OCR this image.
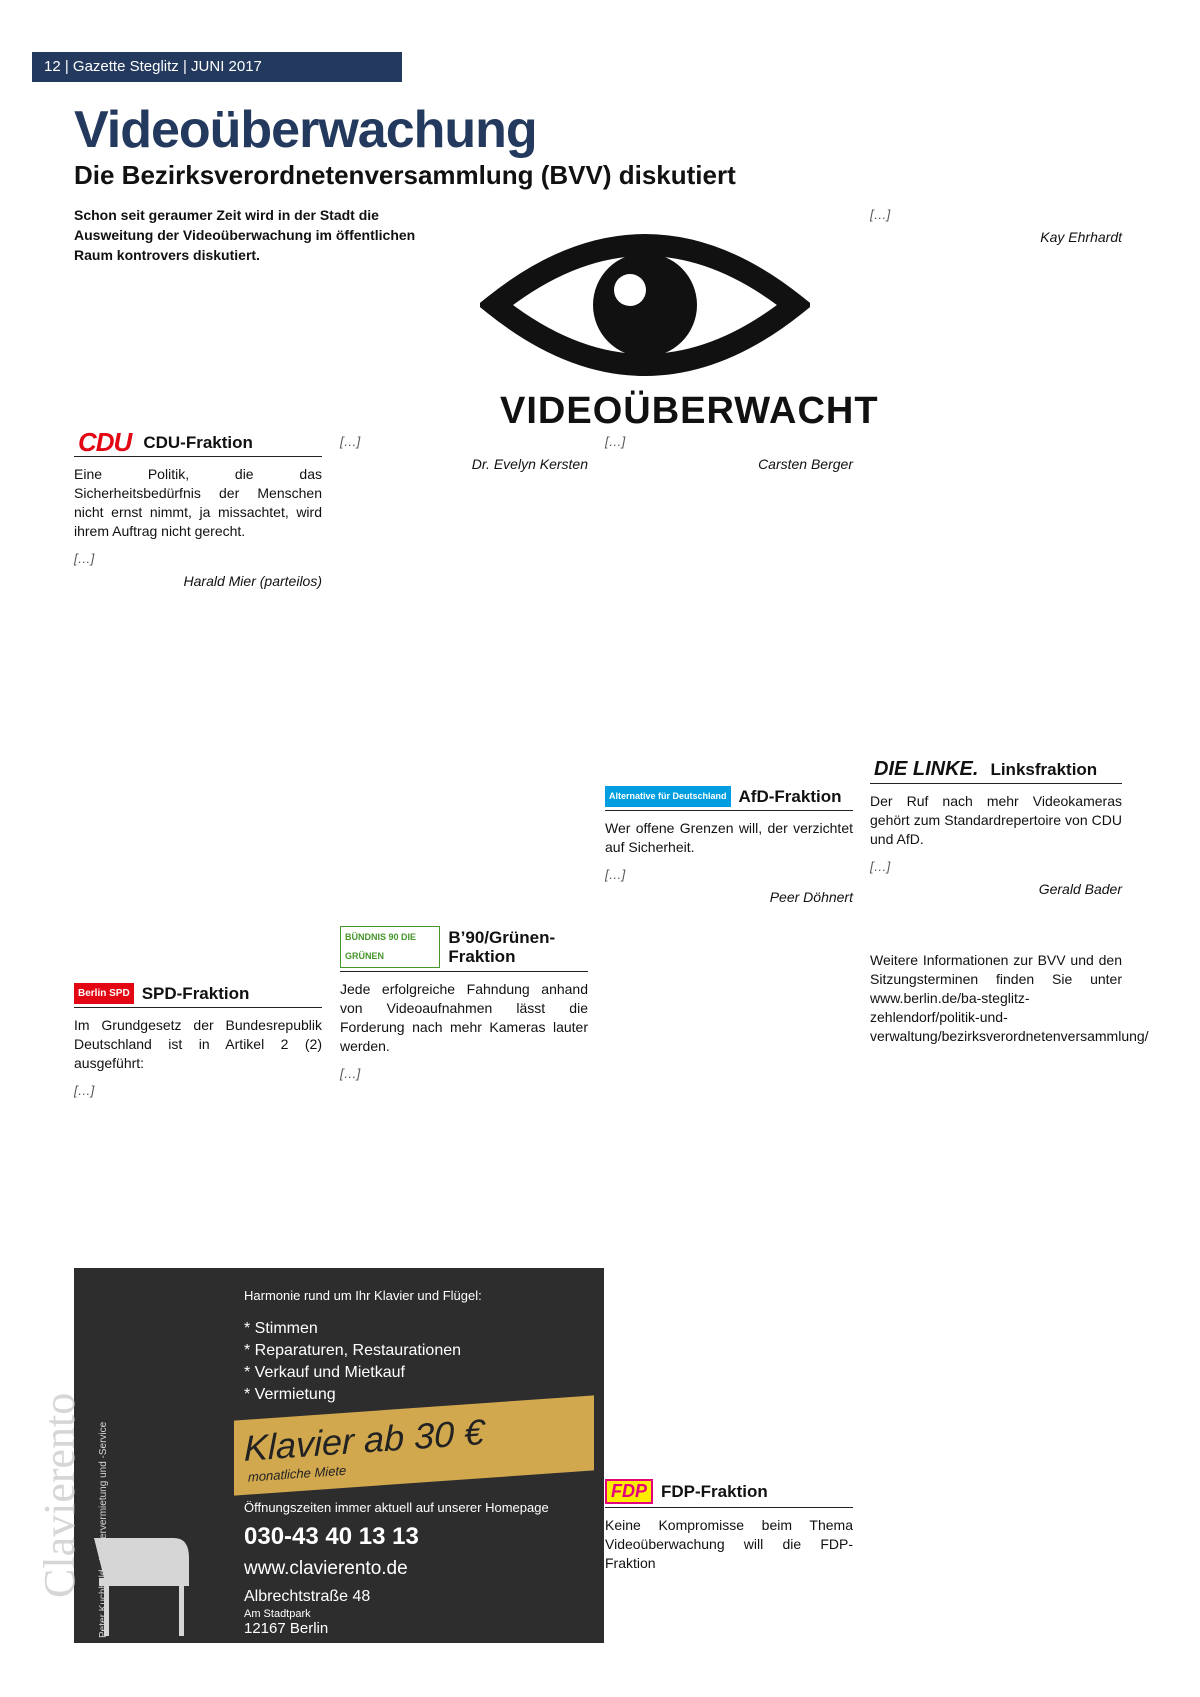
12 | Gazette Steglitz | JUNI 2017
Videoüberwachung
Die Bezirksverordnetenversammlung (BVV) diskutiert

Schon seit geraumer Zeit wird in der Stadt die Ausweitung der Videoüberwachung im öffentlichen Raum kontrovers diskutiert.

VIDEOÜBERWACHT
CDU CDU-Fraktion

Eine Politik, die das Sicherheitsbedürfnis der Menschen nicht ernst nimmt, ja missachtet, wird ihrem Auftrag nicht gerecht.

[…]
Harald Mier (parteilos)
Berlin SPD SPD-Fraktion

Im Grundgesetz der Bundesrepublik Deutschland ist in Artikel 2 (2) ausgeführt:

[…]
[…]
Dr. Evelyn Kersten
BÜNDNIS 90 DIE GRÜNEN
B’90/Grünen-Fraktion

Jede erfolgreiche Fahndung anhand von Videoaufnahmen lässt die Forderung nach mehr Kameras lauter werden.

[…]
[…]
Carsten Berger
Alternative für Deutschland AfD-Fraktion

Wer offene Grenzen will, der verzichtet auf Sicherheit.

[…]
Peer Döhnert
FDP FDP-Fraktion

Keine Kompromisse beim Thema Videoüberwachung will die FDP-Fraktion

[…]
Kay Ehrhardt
DIE LINKE. Linksfraktion

Der Ruf nach mehr Videokameras gehört zum Standardrepertoire von CDU und AfD.

[…]
Gerald Bader

Weitere Informationen zur BVV und den Sitzungsterminen finden Sie unter www.berlin.de/ba-steglitz-zehlendorf/politik-und-verwaltung/bezirksverordnetenversammlung/

Clavierento Peter Kuchhold · Klaviervermietung und -Service
Harmonie rund um Ihr Klavier und Flügel:
* Stimmen
* Reparaturen, Restaurationen
* Verkauf und Mietkauf
* Vermietung
Klavier ab 30 €
monatliche Miete
Öffnungszeiten immer aktuell auf unserer Homepage
030-43 40 13 13
www.clavierento.de
Albrechtstraße 48
Am Stadtpark
12167 Berlin
